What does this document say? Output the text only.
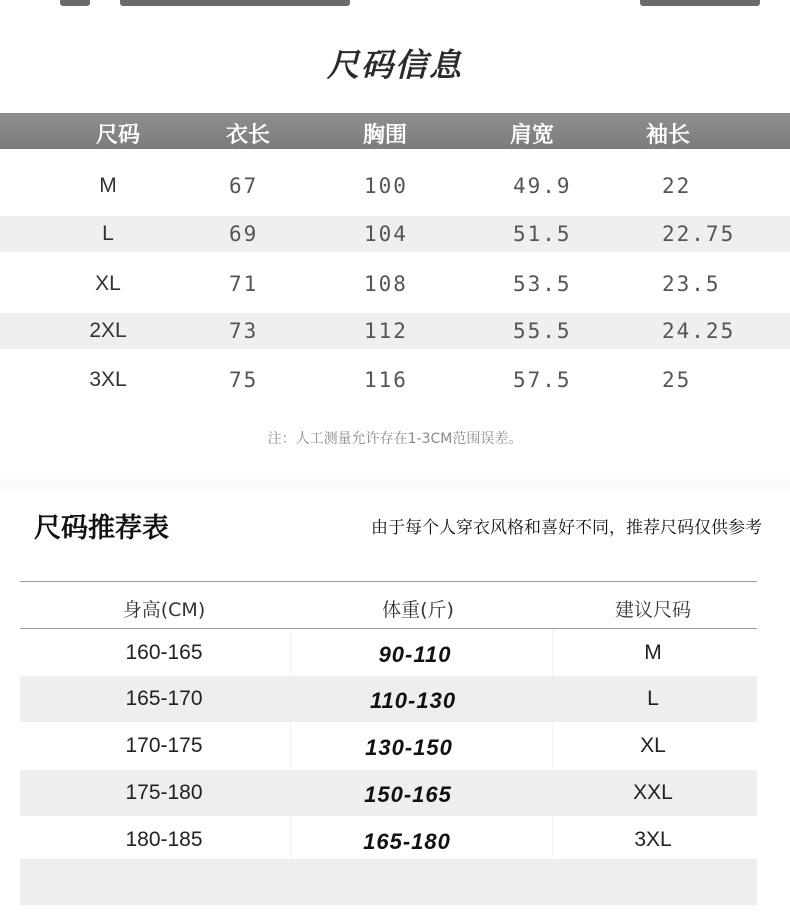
尺码信息
尺码	衣长	胸围	肩宽	袖长
M	67	100	49.9	22
L	69	104	51.5	22.75
XL	71	108	53.5	23.5
2XL	73	112	55.5	24.25
3XL	75	116	57.5	25
注：人工测量允许存在1-3CM范围误差。
尺码推荐表	由于每个人穿衣风格和喜好不同，推荐尺码仅供参考
身高(CM)	体重(斤)	建议尺码
160-165	90-110	M
165-170	110-130	L
170-175	130-150	XL
175-180	150-165	XXL
180-185	165-180	3XL
